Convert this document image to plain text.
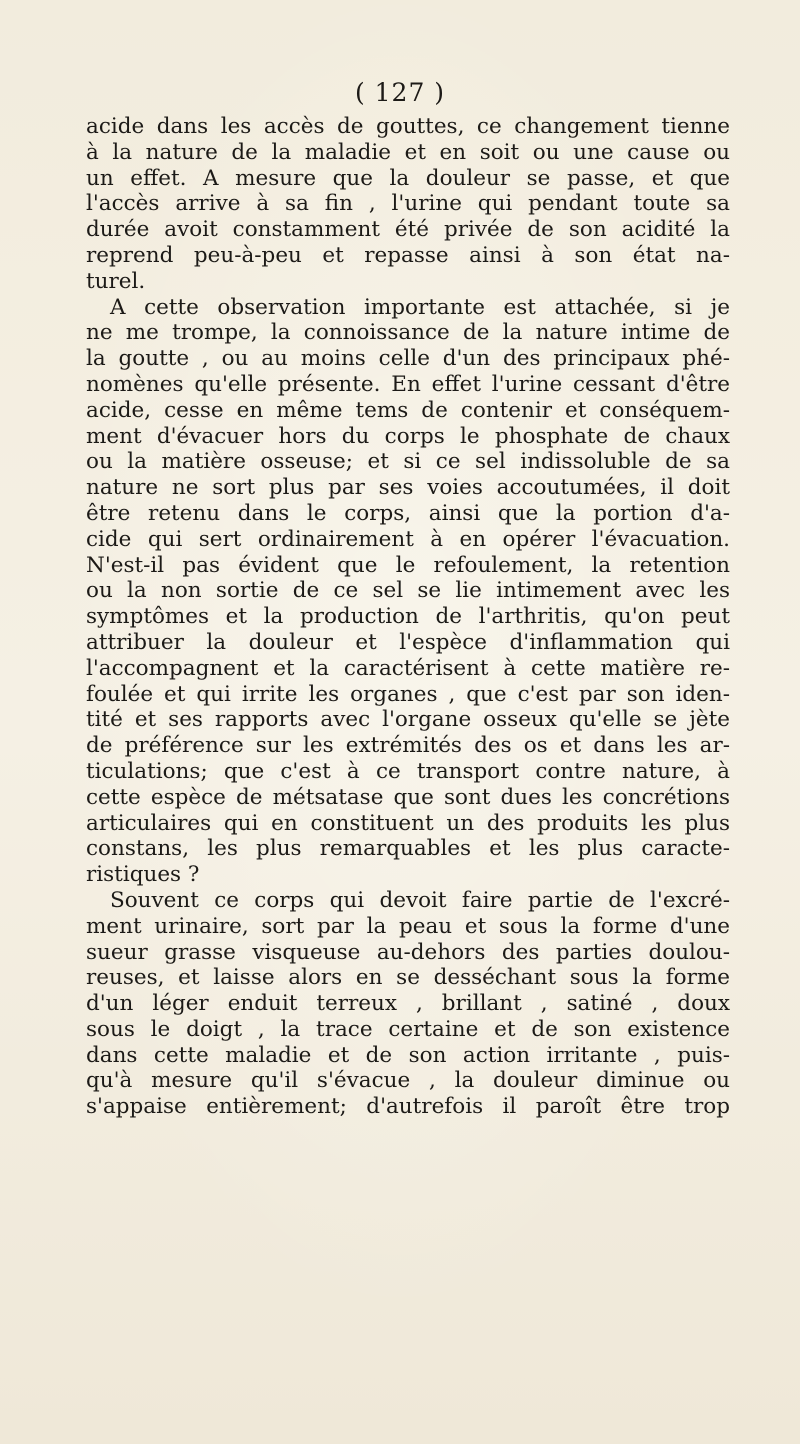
( 127 )
acide dans les accès de gouttes, ce changement tienne
à la nature de la maladie et en soit ou une cause ou
un effet. A mesure que la douleur se passe, et que
l'accès arrive à sa fin , l'urine qui pendant toute sa
durée avoit constamment été privée de son acidité la
reprend peu-à-peu et repasse ainsi à son état na-
turel.
A cette observation importante est attachée, si je
ne me trompe, la connoissance de la nature intime de
la goutte , ou au moins celle d'un des principaux phé-
nomènes qu'elle présente. En effet l'urine cessant d'être
acide, cesse en même tems de contenir et conséquem-
ment d'évacuer hors du corps le phosphate de chaux
ou la matière osseuse; et si ce sel indissoluble de sa
nature ne sort plus par ses voies accoutumées, il doit
être retenu dans le corps, ainsi que la portion d'a-
cide qui sert ordinairement à en opérer l'évacuation.
N'est-il pas évident que le refoulement, la retention
ou la non sortie de ce sel se lie intimement avec les
symptômes et la production de l'arthritis, qu'on peut
attribuer la douleur et l'espèce d'inflammation qui
l'accompagnent et la caractérisent à cette matière re-
foulée et qui irrite les organes , que c'est par son iden-
tité et ses rapports avec l'organe osseux qu'elle se jète
de préférence sur les extrémités des os et dans les ar-
ticulations; que c'est à ce transport contre nature, à
cette espèce de métsatase que sont dues les concrétions
articulaires qui en constituent un des produits les plus
constans, les plus remarquables et les plus caracte-
ristiques ?
Souvent ce corps qui devoit faire partie de l'excré-
ment urinaire, sort par la peau et sous la forme d'une
sueur grasse visqueuse au-dehors des parties doulou-
reuses, et laisse alors en se desséchant sous la forme
d'un léger enduit terreux , brillant , satiné , doux
sous le doigt , la trace certaine et de son existence
dans cette maladie et de son action irritante , puis-
qu'à mesure qu'il s'évacue , la douleur diminue ou
s'appaise entièrement; d'autrefois il paroît être trop
